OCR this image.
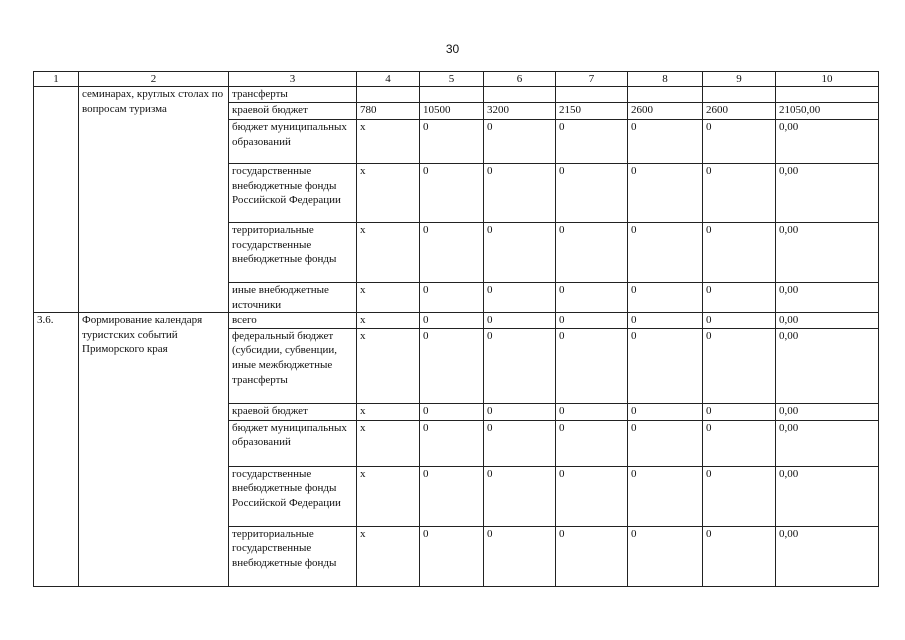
30
1	2	3	4	5	6	7	8	9	10
	семинарах, круглых столах по вопросам туризма	трансферты							
		краевой бюджет	780	10500	3200	2150	2600	2600	21050,00
		бюджет муниципальных образований	x	0	0	0	0	0	0,00
		государственные внебюджетные фонды Российской Федерации	x	0	0	0	0	0	0,00
		территориальные государственные внебюджетные фонды	x	0	0	0	0	0	0,00
		иные внебюджетные источники	x	0	0	0	0	0	0,00
3.6.	Формирование календаря туристских событий Приморского края	всего	x	0	0	0	0	0	0,00
		федеральный бюджет (субсидии, субвенции, иные межбюджетные трансферты	x	0	0	0	0	0	0,00
		краевой бюджет	x	0	0	0	0	0	0,00
		бюджет муниципальных образований	x	0	0	0	0	0	0,00
		государственные внебюджетные фонды Российской Федерации	x	0	0	0	0	0	0,00
		территориальные государственные внебюджетные фонды	x	0	0	0	0	0	0,00
